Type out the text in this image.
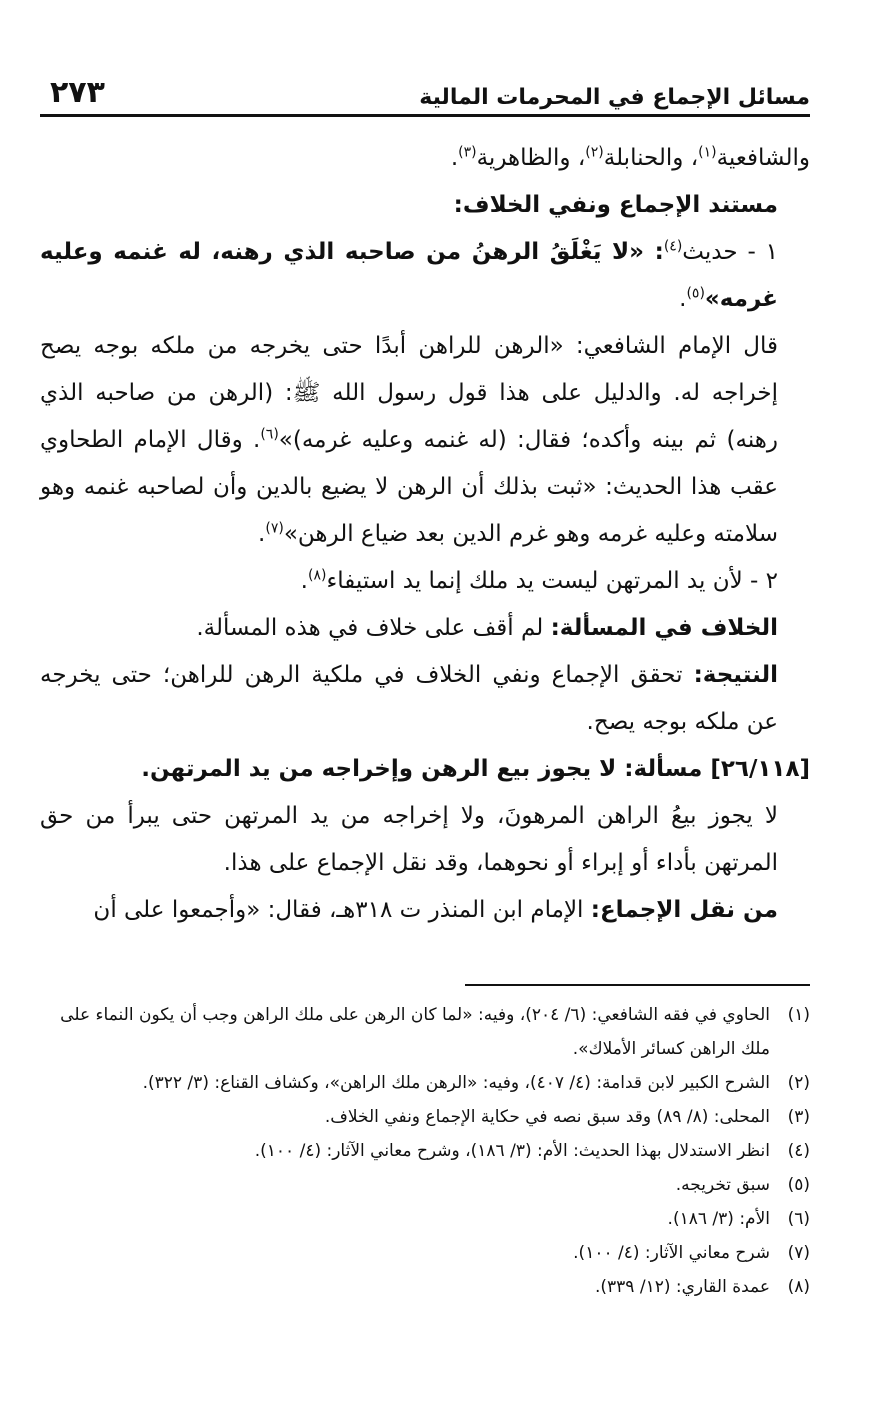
مسائل الإجماع في المحرمات المالية
٢٧٣

والشافعية$^{(١)}$، والحنابلة$^{(٢)}$، والظاهرية$^{(٣)}$.

مستند الإجماع ونفي الخلاف:

١ - حديث$^{(٤)}$: «لا يَغْلَقُ الرهنُ من صاحبه الذي رهنه، له غنمه وعليه غرمه»$^{(٥)}$.

قال الإمام الشافعي: «الرهن للراهن أبدًا حتى يخرجه من ملكه بوجه يصح إخراجه له. والدليل على هذا قول رسول الله ﷺ: (الرهن من صاحبه الذي رهنه) ثم بينه وأكده؛ فقال: (له غنمه وعليه غرمه)»$^{(٦)}$. وقال الإمام الطحاوي عقب هذا الحديث: «ثبت بذلك أن الرهن لا يضيع بالدين وأن لصاحبه غنمه وهو سلامته وعليه غرمه وهو غرم الدين بعد ضياع الرهن»$^{(٧)}$.

٢ - لأن يد المرتهن ليست يد ملك إنما يد استيفاء$^{(٨)}$.

الخلاف في المسألة: لم أقف على خلاف في هذه المسألة.

النتيجة: تحقق الإجماع ونفي الخلاف في ملكية الرهن للراهن؛ حتى يخرجه عن ملكه بوجه يصح.

[٢٦/١١٨] مسألة: لا يجوز بيع الرهن وإخراجه من يد المرتهن.

لا يجوز بيعُ الراهن المرهونَ، ولا إخراجه من يد المرتهن حتى يبرأ من حق المرتهن بأداء أو إبراء أو نحوهما، وقد نقل الإجماع على هذا.

من نقل الإجماع: الإمام ابن المنذر ت ٣١٨هـ، فقال: «وأجمعوا على أن

(١)
الحاوي في فقه الشافعي: (٦/ ٢٠٤)، وفيه: «لما كان الرهن على ملك الراهن وجب أن يكون النماء على ملك الراهن كسائر الأملاك».
(٢)
الشرح الكبير لابن قدامة: (٤/ ٤٠٧)، وفيه: «الرهن ملك الراهن»، وكشاف القناع: (٣/ ٣٢٢).
(٣)
المحلى: (٨/ ٨٩) وقد سبق نصه في حكاية الإجماع ونفي الخلاف.
(٤)
انظر الاستدلال بهذا الحديث: الأم: (٣/ ١٨٦)، وشرح معاني الآثار: (٤/ ١٠٠).
(٥)
سبق تخريجه.
(٦)
الأم: (٣/ ١٨٦).
(٧)
شرح معاني الآثار: (٤/ ١٠٠).
(٨)
عمدة القاري: (١٢/ ٣٣٩).
